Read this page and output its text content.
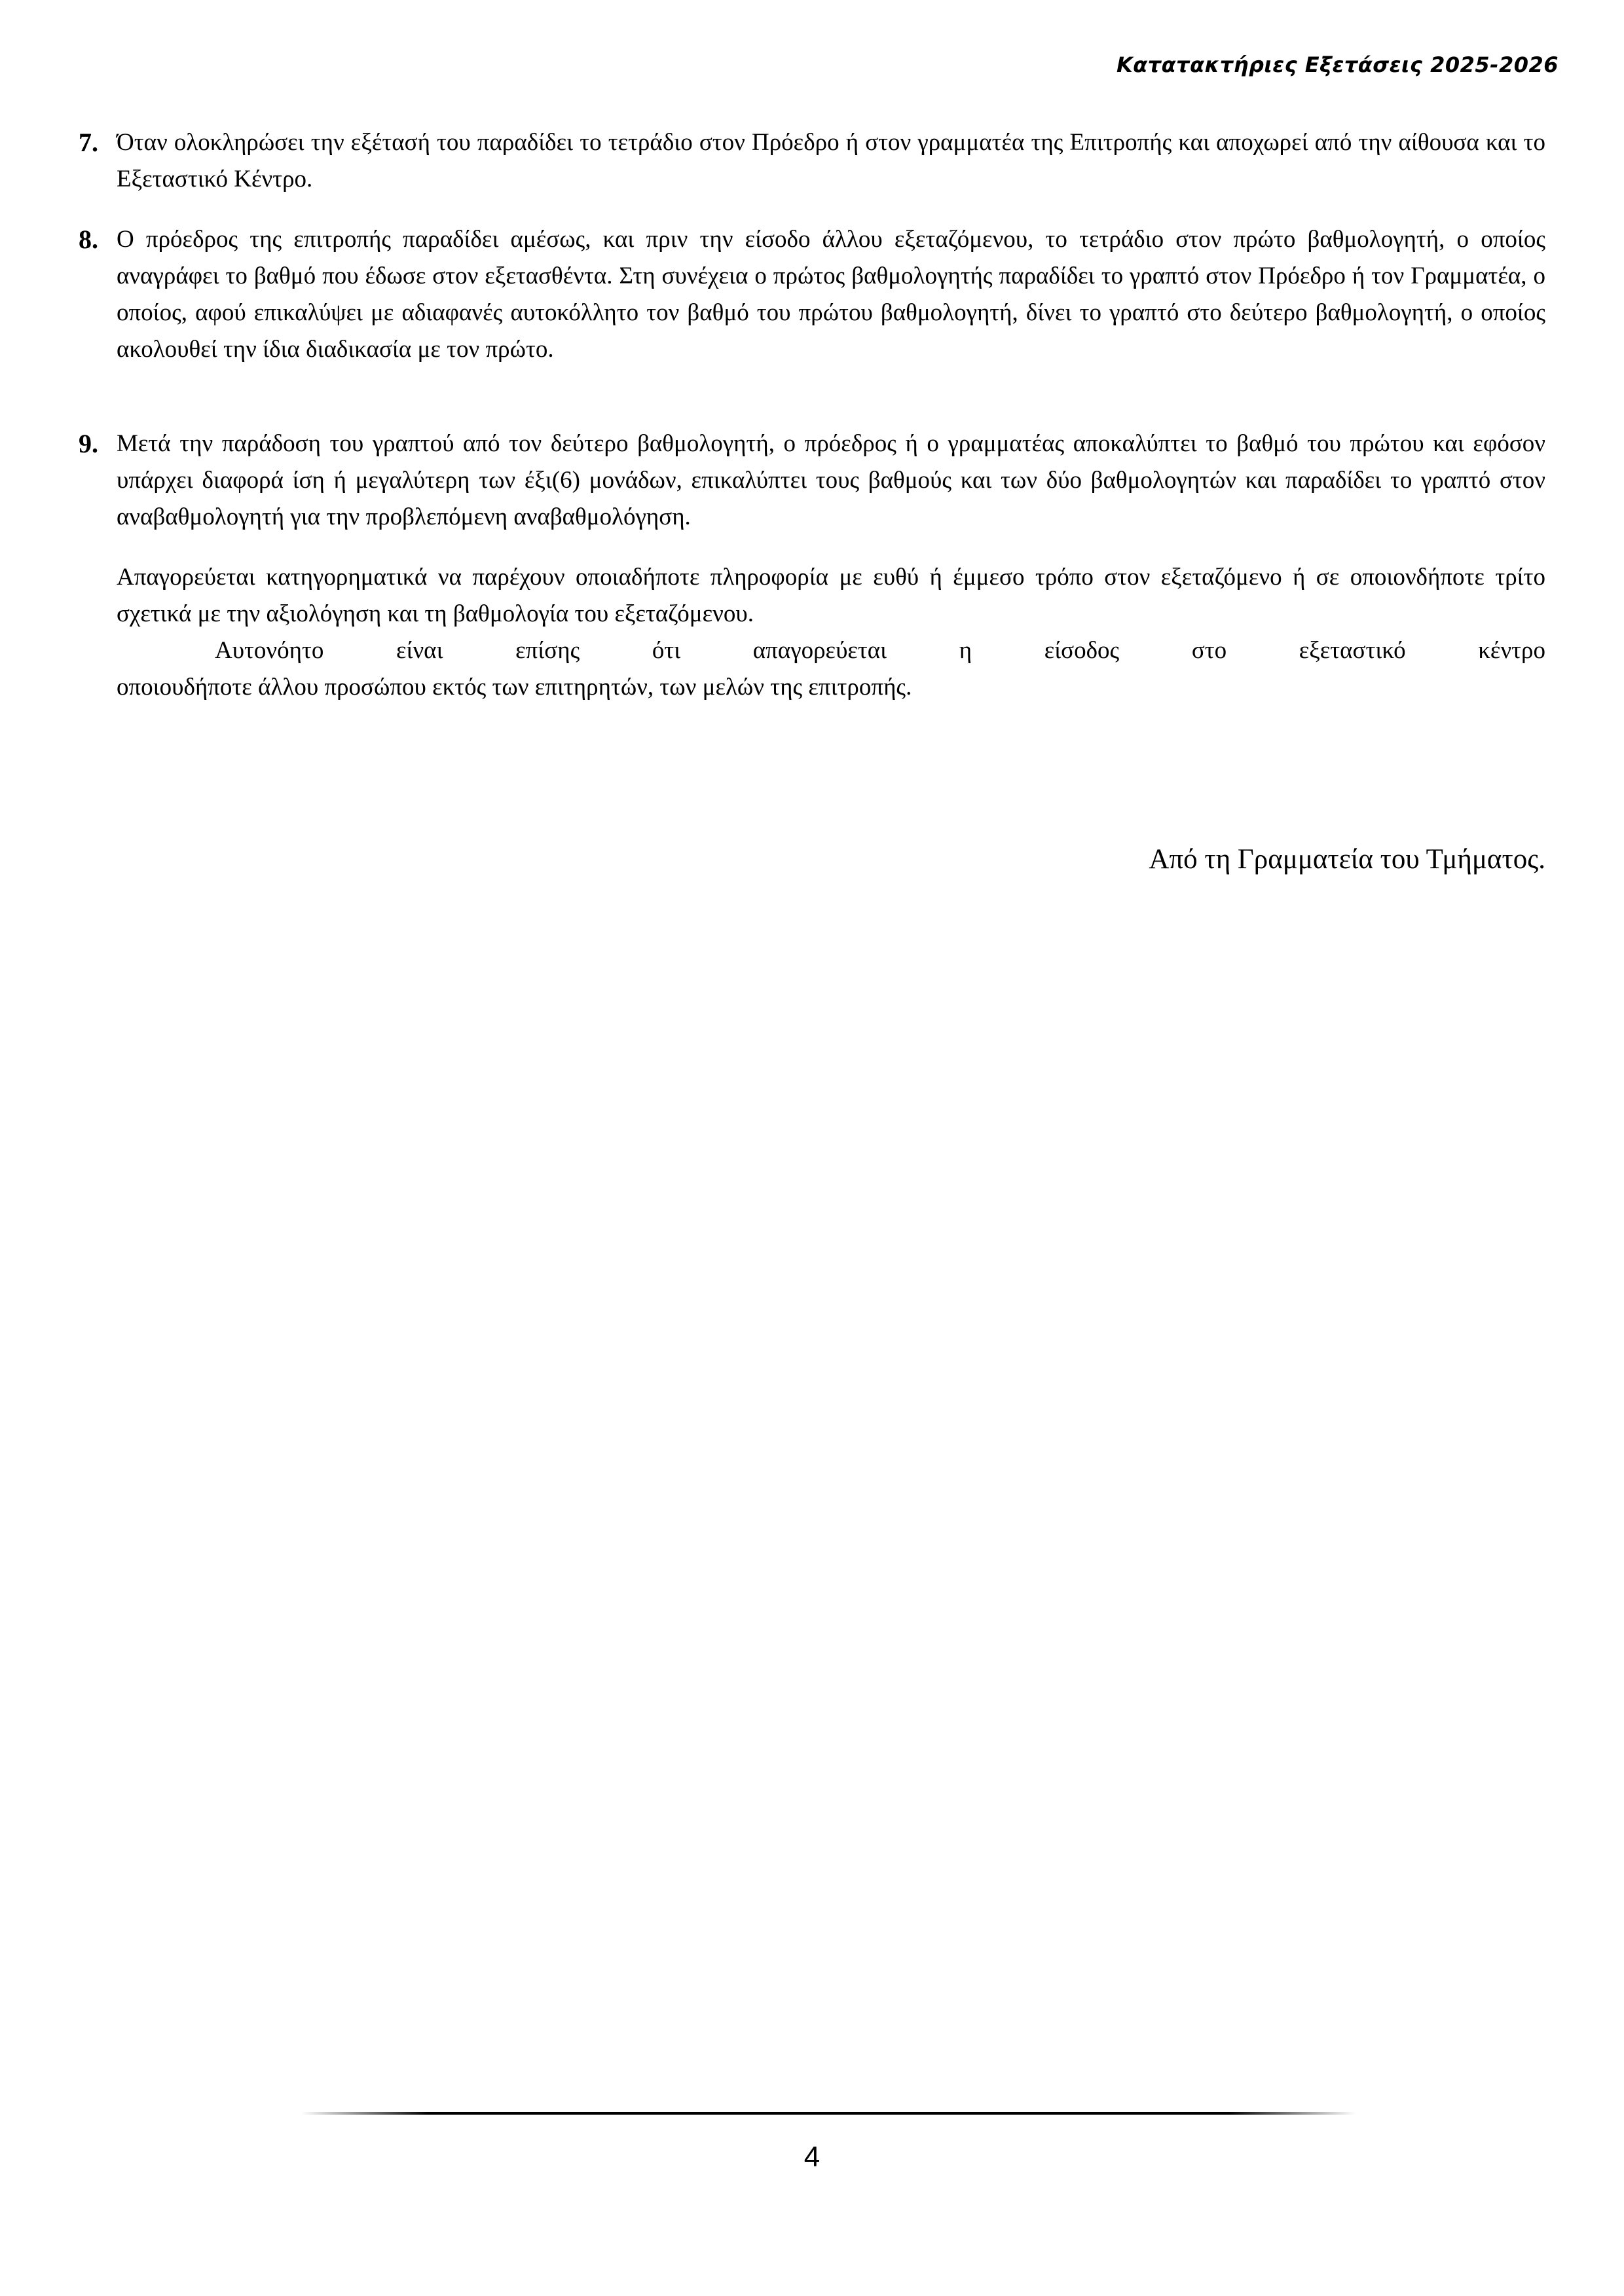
Κατατακτήριες Εξετάσεις 2025-2026
7. Όταν ολοκληρώσει την εξέτασή του παραδίδει το τετράδιο στον Πρόεδρο ή στον γραμματέα της Επιτροπής και αποχωρεί από την αίθουσα και το Εξεταστικό Κέντρο.
8. Ο πρόεδρος της επιτροπής παραδίδει αμέσως, και πριν την είσοδο άλλου εξεταζόμενου, το τετράδιο στον πρώτο βαθμολογητή, ο οποίος αναγράφει το βαθμό που έδωσε στον εξετασθέντα. Στη συνέχεια ο πρώτος βαθμολογητής παραδίδει το γραπτό στον Πρόεδρο ή τον Γραμματέα, ο οποίος, αφού επικαλύψει με αδιαφανές αυτοκόλλητο τον βαθμό του πρώτου βαθμολογητή, δίνει το γραπτό στο δεύτερο βαθμολογητή, ο οποίος ακολουθεί την ίδια διαδικασία με τον πρώτο.
9. Μετά την παράδοση του γραπτού από τον δεύτερο βαθμολογητή, ο πρόεδρος ή ο γραμματέας αποκαλύπτει το βαθμό του πρώτου και εφόσον υπάρχει διαφορά ίση ή μεγαλύτερη των έξι(6) μονάδων, επικαλύπτει τους βαθμούς και των δύο βαθμολογητών και παραδίδει το γραπτό στον αναβαθμολογητή για την προβλεπόμενη αναβαθμολόγηση.
Απαγορεύεται κατηγορηματικά να παρέχουν οποιαδήποτε πληροφορία με ευθύ ή έμμεσο τρόπο στον εξεταζόμενο ή σε οποιονδήποτε τρίτο σχετικά με την αξιολόγηση και τη βαθμολογία του εξεταζόμενου.
Αυτονόητο είναι επίσης ότι απαγορεύεται η είσοδος στο εξεταστικό κέντρο
οποιουδήποτε άλλου προσώπου εκτός των επιτηρητών, των μελών της επιτροπής.
Από τη Γραμματεία του Τμήματος.
4
